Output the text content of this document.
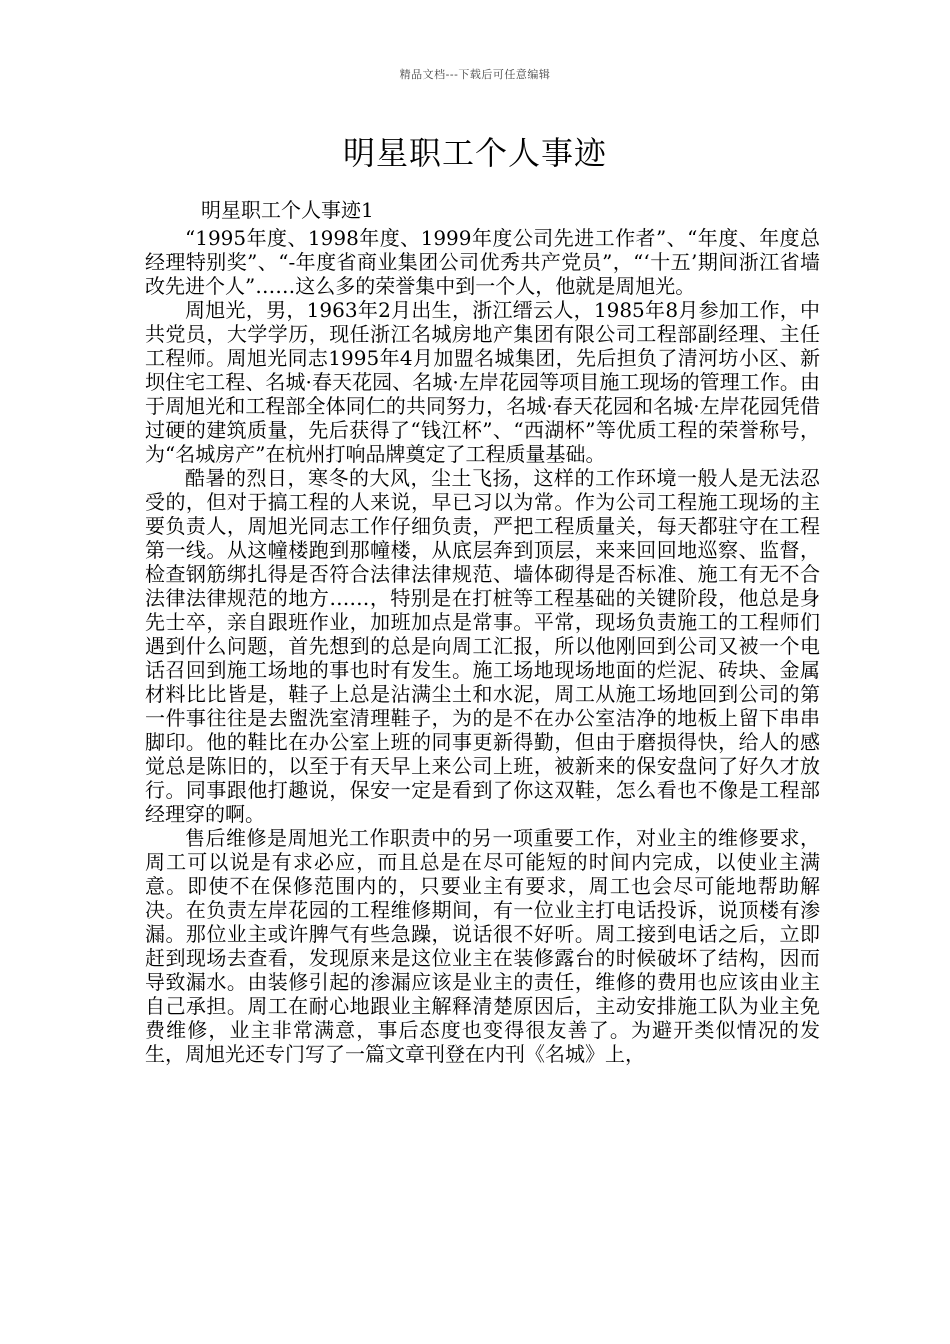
精品文档---下载后可任意编辑
明星职工个人事迹

明星职工个人事迹1

“1995年度、1998年度、1999年度公司先进工作者”、“年度、年度总经理特别奖”、“-年度省商业集团公司优秀共产党员”，“‘十五’期间浙江省墙改先进个人”……这么多的荣誉集中到一个人，他就是周旭光。

周旭光，男，1963年2月出生，浙江缙云人，1985年8月参加工作，中共党员，大学学历，现任浙江名城房地产集团有限公司工程部副经理、主任工程师。周旭光同志1995年4月加盟名城集团，先后担负了清河坊小区、新坝住宅工程、名城·春天花园、名城·左岸花园等项目施工现场的管理工作。由于周旭光和工程部全体同仁的共同努力，名城·春天花园和名城·左岸花园凭借过硬的建筑质量，先后获得了“钱江杯”、“西湖杯”等优质工程的荣誉称号，为“名城房产”在杭州打响品牌奠定了工程质量基础。

酷暑的烈日，寒冬的大风，尘土飞扬，这样的工作环境一般人是无法忍受的，但对于搞工程的人来说，早已习以为常。作为公司工程施工现场的主要负责人，周旭光同志工作仔细负责，严把工程质量关，每天都驻守在工程第一线。从这幢楼跑到那幢楼，从底层奔到顶层，来来回回地巡察、监督，检查钢筋绑扎得是否符合法律法律规范、墙体砌得是否标准、施工有无不合法律法律规范的地方……，特别是在打桩等工程基础的关键阶段，他总是身先士卒，亲自跟班作业，加班加点是常事。平常，现场负责施工的工程师们遇到什么问题，首先想到的总是向周工汇报，所以他刚回到公司又被一个电话召回到施工场地的事也时有发生。施工场地现场地面的烂泥、砖块、金属材料比比皆是，鞋子上总是沾满尘土和水泥，周工从施工场地回到公司的第一件事往往是去盥洗室清理鞋子，为的是不在办公室洁净的地板上留下串串脚印。他的鞋比在办公室上班的同事更新得勤，但由于磨损得快，给人的感觉总是陈旧的，以至于有天早上来公司上班，被新来的保安盘问了好久才放行。同事跟他打趣说，保安一定是看到了你这双鞋，怎么看也不像是工程部经理穿的啊。

售后维修是周旭光工作职责中的另一项重要工作，对业主的维修要求，周工可以说是有求必应，而且总是在尽可能短的时间内完成，以使业主满意。即使不在保修范围内的，只要业主有要求，周工也会尽可能地帮助解决。在负责左岸花园的工程维修期间，有一位业主打电话投诉，说顶楼有渗漏。那位业主或许脾气有些急躁，说话很不好听。周工接到电话之后，立即赶到现场去查看，发现原来是这位业主在装修露台的时候破坏了结构，因而导致漏水。由装修引起的渗漏应该是业主的责任，维修的费用也应该由业主自己承担。周工在耐心地跟业主解释清楚原因后，主动安排施工队为业主免费维修，业主非常满意，事后态度也变得很友善了。为避开类似情况的发生，周旭光还专门写了一篇文章刊登在内刊《名城》上，
